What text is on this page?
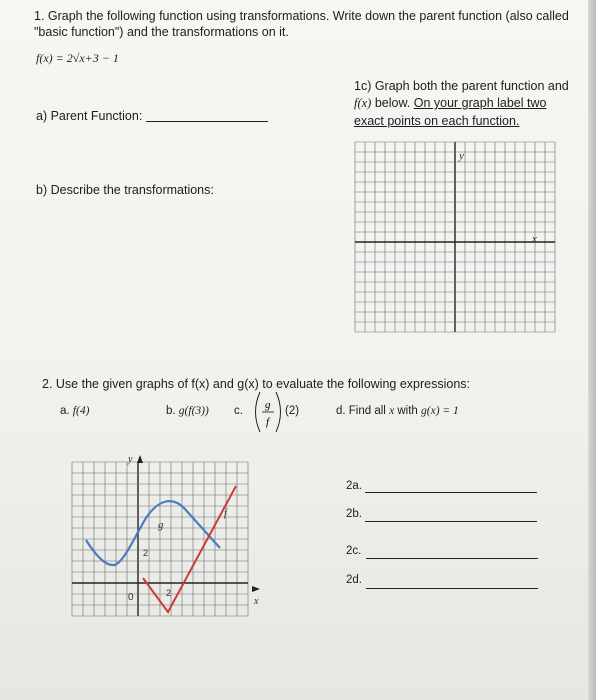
1. Graph the following function using transformations. Write down the parent function (also called
"basic function") and the transformations on it.
f(x) = 2√x+3 − 1
a) Parent Function:
b) Describe the transformations:
1c) Graph both the parent function and
f(x) below. On your graph label two
exact points on each function.
y
x
2. Use the given graphs of f(x) and g(x) to evaluate the following expressions:
a. f(4)	b. g(f(3)) c. g
f
(2)	d. Find all x with g(x) = 1
y
x
0	2
2
g
f
2a.
2b.
2c.
2d.
